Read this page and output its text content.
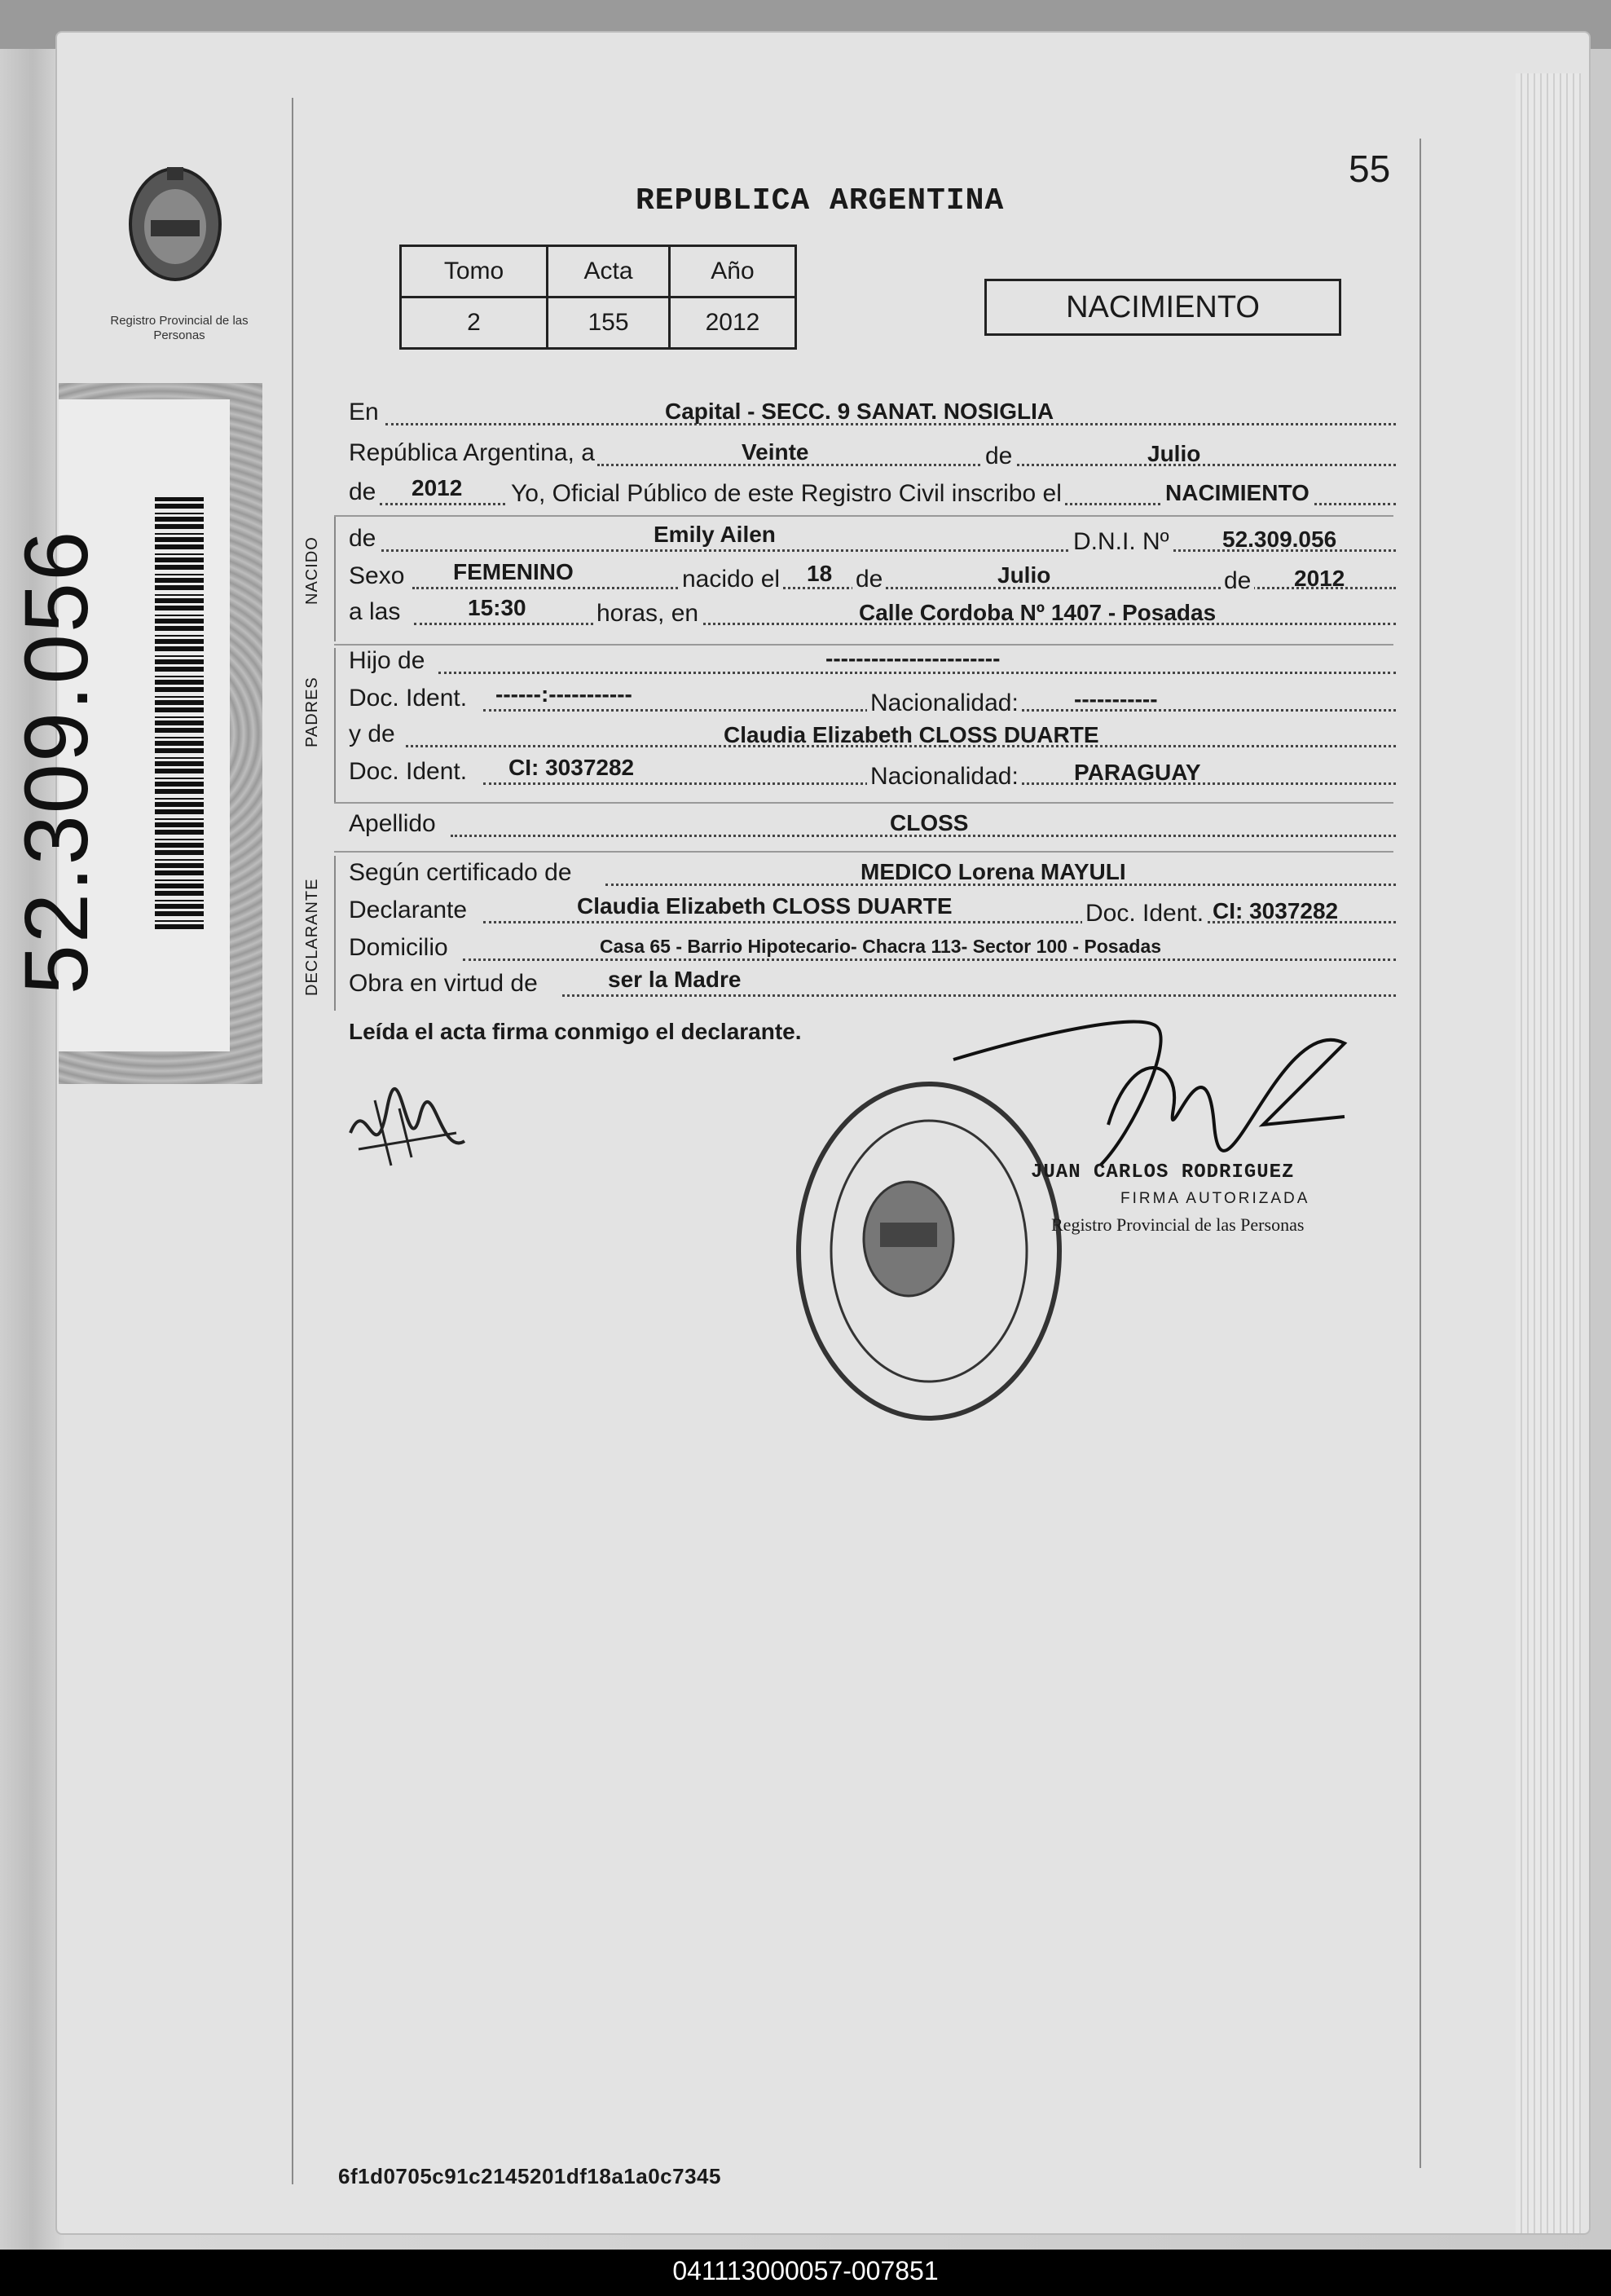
Registro Provincial de las Personas
52.309.056
55
REPUBLICA ARGENTINA
Tomo	Acta	Año
2	155	2012	NACIMIENTO
NACIDO
PADRES
DECLARANTE
En	Capital - SECC. 9 SANAT. NOSIGLIA
República Argentina, a	Veinte	de	Julio
de 2012 Yo, Oficial Público de este Registro Civil inscribo el	NACIMIENTO
de	Emily Ailen	D.N.I. Nº 52.309.056
Sexo FEMENINO	nacido el 18 de	Julio	de 2012
a las	15:30	horas, en	Calle Cordoba Nº 1407 - Posadas
Hijo de	-----------------------
Doc. Ident. ------:-----------	Nacionalidad: -----------
y de	Claudia Elizabeth CLOSS DUARTE
Doc. Ident. CI: 3037282	Nacionalidad: PARAGUAY
Apellido	CLOSS
Según certificado de	MEDICO Lorena MAYULI
Declarante	Claudia Elizabeth CLOSS DUARTE	Doc. Ident. CI: 3037282
Domicilio	Casa 65 - Barrio Hipotecario- Chacra 113- Sector 100 - Posadas
Obra en virtud de	ser la Madre
Leída el acta firma conmigo el declarante.
JUAN CARLOS RODRIGUEZ
FIRMA AUTORIZADA
Registro Provincial de las Personas
6f1d0705c91c2145201df18a1a0c7345
041113000057-007851
